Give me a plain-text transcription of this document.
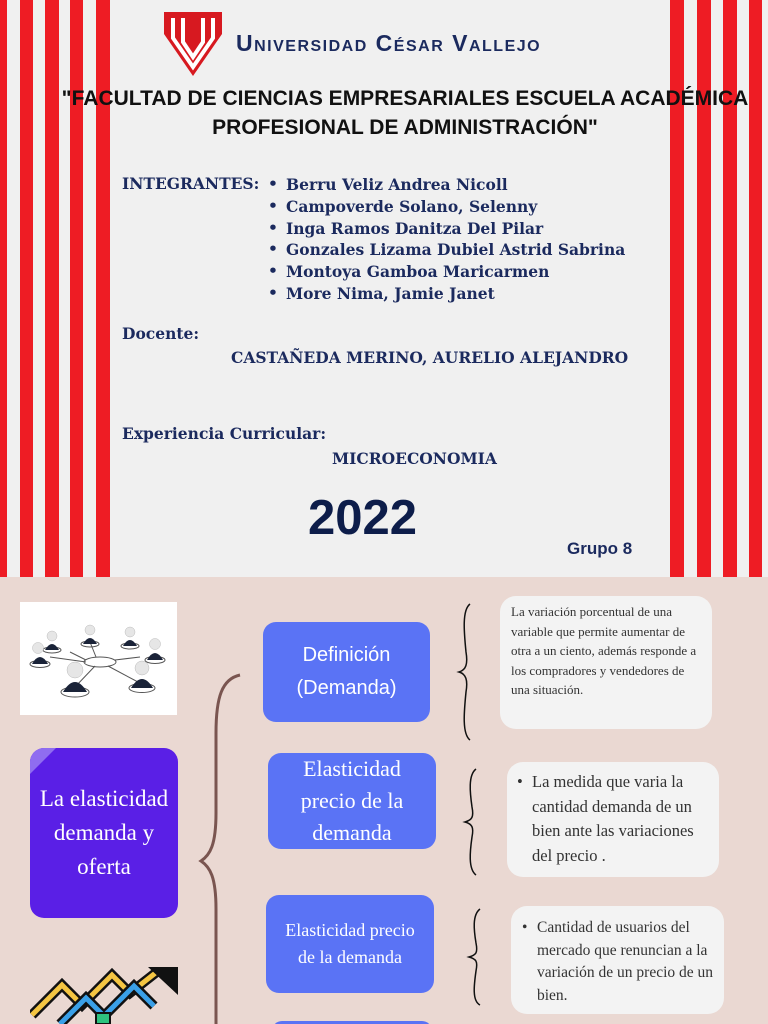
Universidad César Vallejo
"FACULTAD DE CIENCIAS EMPRESARIALES ESCUELA ACADÉMICA PROFESIONAL DE ADMINISTRACIÓN"
INTEGRANTES:
•	Berru Veliz Andrea Nicoll
• Campoverde Solano, Selenny
• Inga Ramos Danitza Del Pilar
• Gonzales Lizama Dubiel Astrid Sabrina
• Montoya Gamboa Maricarmen
• More Nima, Jamie Janet
Docente:
CASTAÑEDA MERINO, AURELIO ALEJANDRO
Experiencia Curricular:
MICROECONOMIA
2022
Grupo 8
La elasticidad
demanda y
oferta
Definición
(Demanda)
Elasticidad
precio de la
demanda
Elasticidad precio
de la demanda
La variación porcentual de una variable que permite aumentar de otra a un ciento, además responde a los compradores y vendedores de una situación.
• La medida que varia la cantidad demanda de un bien ante las variaciones del precio .
• Cantidad de usuarios del mercado que renuncian a la variación de un precio de un bien.
